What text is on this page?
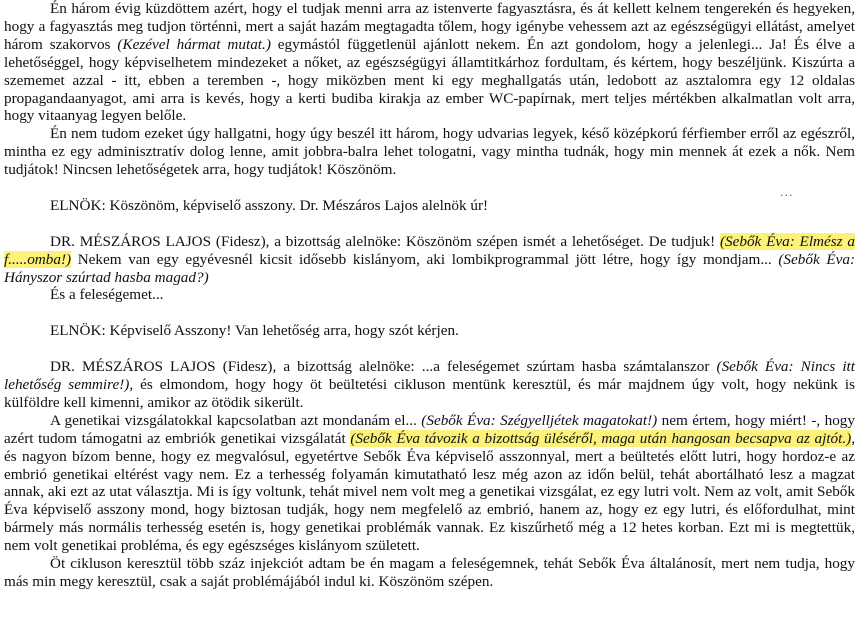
Én három évig küzdöttem azért, hogy el tudjak menni arra az istenverte fagyasztásra, és át kellett kelnem tengerekén és hegyeken, hogy a fagyasztás meg tudjon történni, mert a saját hazám megtagadta tőlem, hogy igénybe vehessem azt az egészségügyi ellátást, amelyet három szakorvos (Kezével hármat mutat.) egymástól függetlenül ajánlott nekem. Én azt gondolom, hogy a jelenlegi... Ja! És élve a lehetőséggel, hogy képviselhetem mindezeket a nőket, az egészségügyi államtitkárhoz fordultam, és kértem, hogy beszéljünk. Kiszúrta a szememet azzal - itt, ebben a teremben -, hogy miközben ment ki egy meghallgatás után, ledobott az asztalomra egy 12 oldalas propagandaanyagot, ami arra is kevés, hogy a kerti budiba kirakja az ember WC-papírnak, mert teljes mértékben alkalmatlan volt arra, hogy vitaanyag legyen belőle.

Én nem tudom ezeket úgy hallgatni, hogy úgy beszél itt három, hogy udvarias legyek, késő középkorú férfiember erről az egészről, mintha ez egy adminisztratív dolog lenne, amit jobbra-balra lehet tologatni, vagy mintha tudnák, hogy min mennek át ezek a nők. Nem tudjátok! Nincsen lehetőségetek arra, hogy tudjátok! Köszönöm.

ELNÖK: Köszönöm, képviselő asszony. Dr. Mészáros Lajos alelnök úr!

DR. MÉSZÁROS LAJOS (Fidesz), a bizottság alelnöke: Köszönöm szépen ismét a lehetőséget. De tudjuk! (Sebők Éva: Elmész a f.....omba!) Nekem van egy egyévesnél kicsit idősebb kislányom, aki lombikprogrammal jött létre, hogy így mondjam... (Sebők Éva: Hányszor szúrtad hasba magad?)

És a feleségemet...

ELNÖK: Képviselő Asszony! Van lehetőség arra, hogy szót kérjen.

DR. MÉSZÁROS LAJOS (Fidesz), a bizottság alelnöke: ...a feleségemet szúrtam hasba számtalanszor (Sebők Éva: Nincs itt lehetőség semmire!), és elmondom, hogy hogy öt beültetési cikluson mentünk keresztül, és már majdnem úgy volt, hogy nekünk is külföldre kell kimenni, amikor az ötödik sikerült.

A genetikai vizsgálatokkal kapcsolatban azt mondanám el... (Sebők Éva: Szégyelljétek magatokat!) nem értem, hogy miért! -, hogy azért tudom támogatni az embriók genetikai vizsgálatát (Sebők Éva távozik a bizottság üléséről, maga után hangosan becsapva az ajtót.), és nagyon bízom benne, hogy ez megvalósul, egyetértve Sebők Éva képviselő asszonnyal, mert a beültetés előtt lutri, hogy hordoz-e az embrió genetikai eltérést vagy nem. Ez a terhesség folyamán kimutatható lesz még azon az időn belül, tehát abortálható lesz a magzat annak, aki ezt az utat választja. Mi is így voltunk, tehát mivel nem volt meg a genetikai vizsgálat, ez egy lutri volt. Nem az volt, amit Sebők Éva képviselő asszony mond, hogy biztosan tudják, hogy nem megfelelő az embrió, hanem az, hogy ez egy lutri, és előfordulhat, mint bármely más normális terhesség esetén is, hogy genetikai problémák vannak. Ez kiszűrhető még a 12 hetes korban. Ezt mi is megtettük, nem volt genetikai probléma, és egy egészséges kislányom született.

Öt cikluson keresztül több száz injekciót adtam be én magam a feleségemnek, tehát Sebők Éva általánosít, mert nem tudja, hogy más min megy keresztül, csak a saját problémájából indul ki. Köszönöm szépen.

...
